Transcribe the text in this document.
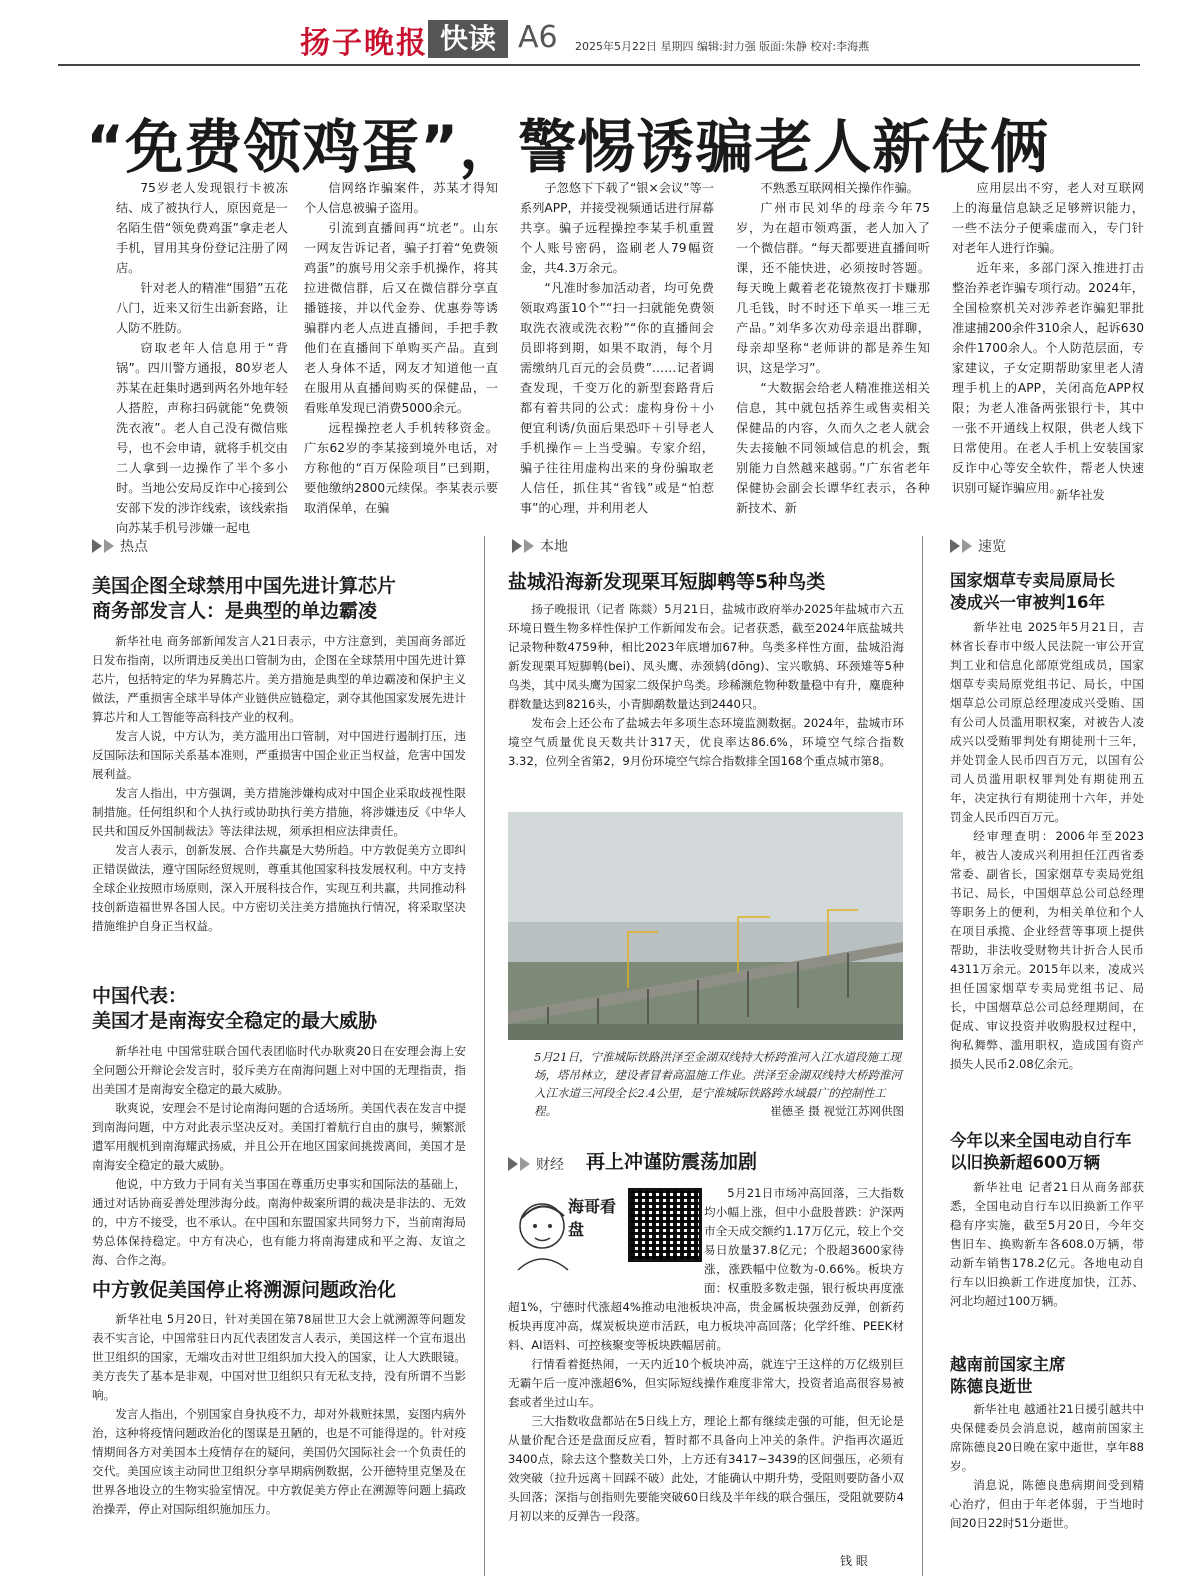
扬子晚报 快读 A6 2025年5月22日 星期四 编辑:封力强 版面:朱静 校对:李海燕
“免费领鸡蛋”，警惕诱骗老人新伎俩

75岁老人发现银行卡被冻结、成了被执行人，原因竟是一名陌生借“领免费鸡蛋”拿走老人手机，冒用其身份登记注册了网店。

针对老人的精准“围猎”五花八门，近来又衍生出新套路，让人防不胜防。

窃取老年人信息用于“背锅”。四川警方通报，80岁老人苏某在赶集时遇到两名外地年轻人搭腔，声称扫码就能“免费领洗衣液”。老人自己没有微信账号，也不会申请，就将手机交由二人拿到一边操作了半个多小时。当地公安局反诈中心接到公安部下发的涉诈线索，该线索指向苏某手机号涉嫌一起电

信网络诈骗案件，苏某才得知个人信息被骗子盗用。

引流到直播间再“坑老”。山东一网友告诉记者，骗子打着“免费领鸡蛋”的旗号用父亲手机操作，将其拉进微信群，后又在微信群分享直播链接，并以代金券、优惠券等诱骗群内老人点进直播间，手把手教他们在直播间下单购买产品。直到老人身体不适，网友才知道他一直在服用从直播间购买的保健品，一看账单发现已消费5000余元。

远程操控老人手机转移资金。广东62岁的李某接到境外电话，对方称他的“百万保险项目”已到期，要他缴纳2800元续保。李某表示要取消保单，在骗

子忽悠下下载了“银×会议”等一系列APP，并接受视频通话进行屏幕共享。骗子远程操控李某手机重置个人账号密码，盗刷老人79幅资金，共4.3万余元。

“凡准时参加活动者，均可免费领取鸡蛋10个”“扫一扫就能免费领取洗衣液或洗衣粉”“你的直播间会员即将到期，如果不取消，每个月需缴纳几百元的会员费”……记者调查发现，千变万化的新型套路背后都有着共同的公式：虚构身份＋小便宜利诱/负面后果恐吓＋引导老人手机操作＝上当受骗。专家介绍，骗子往往用虚构出来的身份骗取老人信任，抓住其“省钱”或是“怕惹事”的心理，并利用老人

不熟悉互联网相关操作作骗。

广州市民刘华的母亲今年75岁，为在超市领鸡蛋，老人加入了一个微信群。“每天都要进直播间听课，还不能快进，必须按时答题。每天晚上戴着老花镜熬夜打卡赚那几毛钱，时不时还下单买一堆三无产品。”刘华多次劝母亲退出群聊，母亲却坚称“老师讲的都是养生知识，这是学习”。

“大数据会给老人精准推送相关信息，其中就包括养生或售卖相关保健品的内容，久而久之老人就会失去接触不同领域信息的机会，甄别能力自然越来越弱。”广东省老年保健协会副会长谭华红表示，各种新技术、新

应用层出不穷，老人对互联网上的海量信息缺乏足够辨识能力，一些不法分子便乘虚而入，专门针对老年人进行诈骗。

近年来，多部门深入推进打击整治养老诈骗专项行动。2024年，全国检察机关对涉养老诈骗犯罪批准逮捕200余件310余人，起诉630余件1700余人。个人防范层面，专家建议，子女定期帮助家里老人清理手机上的APP，关闭高危APP权限；为老人准备两张银行卡，其中一张不开通线上权限，供老人线下日常使用。在老人手机上安装国家反诈中心等安全软件，帮老人快速识别可疑诈骗应用。

新华社发
热点	本地	速览
美国企图全球禁用中国先进计算芯片
商务部发言人：是典型的单边霸凌

新华社电 商务部新闻发言人21日表示，中方注意到，美国商务部近日发布指南，以所谓违反美出口管制为由，企图在全球禁用中国先进计算芯片，包括特定的华为昇腾芯片。美方措施是典型的单边霸凌和保护主义做法，严重损害全球半导体产业链供应链稳定，剥夺其他国家发展先进计算芯片和人工智能等高科技产业的权利。

发言人说，中方认为，美方滥用出口管制，对中国进行遏制打压，违反国际法和国际关系基本准则，严重损害中国企业正当权益，危害中国发展利益。

发言人指出，中方强调，美方措施涉嫌构成对中国企业采取歧视性限制措施。任何组织和个人执行或协助执行美方措施，将涉嫌违反《中华人民共和国反外国制裁法》等法律法规，须承担相应法律责任。

发言人表示，创新发展、合作共赢是大势所趋。中方敦促美方立即纠正错误做法，遵守国际经贸规则，尊重其他国家科技发展权利。中方支持全球企业按照市场原则，深入开展科技合作，实现互利共赢，共同推动科技创新造福世界各国人民。中方密切关注美方措施执行情况，将采取坚决措施维护自身正当权益。

中国代表：
美国才是南海安全稳定的最大威胁

新华社电 中国常驻联合国代表团临时代办耿爽20日在安理会海上安全问题公开辩论会发言时，驳斥美方在南海问题上对中国的无理指责，指出美国才是南海安全稳定的最大威胁。

耿爽说，安理会不是讨论南海问题的合适场所。美国代表在发言中提到南海问题，中方对此表示坚决反对。美国打着航行自由的旗号，频繁派遣军用舰机到南海耀武扬威，并且公开在地区国家间挑拨离间，美国才是南海安全稳定的最大威胁。

他说，中方致力于同有关当事国在尊重历史事实和国际法的基础上，通过对话协商妥善处理涉海分歧。南海仲裁案所谓的裁决是非法的、无效的，中方不接受，也不承认。在中国和东盟国家共同努力下，当前南海局势总体保持稳定。中方有决心，也有能力将南海建成和平之海、友谊之海、合作之海。

中方敦促美国停止将溯源问题政治化

新华社电 5月20日，针对美国在第78届世卫大会上就溯源等问题发表不实言论，中国常驻日内瓦代表团发言人表示，美国这样一个宣布退出世卫组织的国家，无端攻击对世卫组织加大投入的国家，让人大跌眼镜。美方丧失了基本是非观，中国对世卫组织只有无私支持，没有所谓不当影响。

发言人指出，个别国家自身执疫不力，却对外栽赃抹黑，妄图内病外治，这种将疫情问题政治化的图谋是丑陋的，也是不可能得逞的。针对疫情期间各方对美国本土疫情存在的疑问，美国仍欠国际社会一个负责任的交代。美国应该主动同世卫组织分享早期病例数据，公开德特里克堡及在世界各地设立的生物实验室情况。中方敦促美方停止在溯源等问题上搞政治操弄，停止对国际组织施加压力。

盐城沿海新发现栗耳短脚鹎等5种鸟类

扬子晚报讯（记者 陈燚）5月21日，盐城市政府举办2025年盐城市六五环境日暨生物多样性保护工作新闻发布会。记者获悉，截至2024年底盐城共记录物种数4759种，相比2023年底增加67种。鸟类多样性方面，盐城沿海新发现栗耳短脚鹎(bei)、凤头鹰、赤颈鸫(dōng)、宝兴歌鸫、环颈雉等5种鸟类，其中凤头鹰为国家二级保护鸟类。珍稀濒危物种数量稳中有升，麋鹿种群数量达到8216头，小青脚鹬数量达到2440只。

发布会上还公布了盐城去年多项生态环境监测数据。2024年，盐城市环境空气质量优良天数共计317天，优良率达86.6%，环境空气综合指数3.32，位列全省第2，9月份环境空气综合指数排全国168个重点城市第8。

5月21日，宁淮城际铁路洪泽至金湖双线特大桥跨淮河入江水道段施工现场，塔吊林立，建设者冒着高温施工作业。洪泽至金湖双线特大桥跨淮河入江水道三河段全长2.4公里，是宁淮城际铁路跨水域最广的控制性工程。	崔德圣 摄 视觉江苏网供图
财经 再上冲谨防震荡加剧
海哥看盘

5月21日市场冲高回落，三大指数均小幅上涨，但中小盘股普跌：沪深两市全天成交额约1.17万亿元，较上个交易日放量37.8亿元；个股超3600家待涨，涨跌幅中位数为-0.66%。板块方面：权重股多数走强，银行板块再度涨超1%，宁德时代涨超4%推动电池板块冲高，贵金属板块强劲反弹，创新药板块再度冲高，煤炭板块逆市活跃，电力板块冲高回落；化学纤维、PEEK材料、AI语料、可控核聚变等板块跌幅居前。

行情看着挺热闹，一天内近10个板块冲高，就连宁王这样的万亿级别巨无霸午后一度冲涨超6%，但实际短线操作难度非常大，投资者追高很容易被套或者坐过山车。

三大指数收盘都站在5日线上方，理论上都有继续走强的可能，但无论是从量价配合还是盘面反应看，暂时都不具备向上冲关的条件。沪指再次逼近3400点，除去这个整数关口外，上方还有3417~3439的区间强压，必须有效突破（拉升远离＋回踩不破）此处，才能确认中期升势，受阻则要防备小双头回落；深指与创指则先要能突破60日线及半年线的联合强压，受阻就要防4月初以来的反弹告一段落。

钱 眼
国家烟草专卖局原局长
凌成兴一审被判16年

新华社电 2025年5月21日，吉林省长春市中级人民法院一审公开宣判工业和信息化部原党组成员，国家烟草专卖局原党组书记、局长，中国烟草总公司原总经理凌成兴受贿、国有公司人员滥用职权案，对被告人凌成兴以受贿罪判处有期徒刑十三年，并处罚金人民币四百万元，以国有公司人员滥用职权罪判处有期徒刑五年，决定执行有期徒刑十六年，并处罚金人民币四百万元。

经审理查明：2006年至2023年，被告人凌成兴利用担任江西省委常委、副省长，国家烟草专卖局党组书记、局长，中国烟草总公司总经理等职务上的便利，为相关单位和个人在项目承揽、企业经营等事项上提供帮助，非法收受财物共计折合人民币4311万余元。2015年以来，凌成兴担任国家烟草专卖局党组书记、局长，中国烟草总公司总经理期间，在促成、审议投资并收购股权过程中，徇私舞弊、滥用职权，造成国有资产损失人民币2.08亿余元。

今年以来全国电动自行车
以旧换新超600万辆

新华社电 记者21日从商务部获悉，全国电动自行车以旧换新工作平稳有序实施，截至5月20日，今年交售旧车、换购新车各608.0万辆，带动新车销售178.2亿元。各地电动自行车以旧换新工作进度加快，江苏、河北均超过100万辆。

越南前国家主席
陈德良逝世

新华社电 越通社21日援引越共中央保健委员会消息说，越南前国家主席陈德良20日晚在家中逝世，享年88岁。

消息说，陈德良患病期间受到精心治疗，但由于年老体弱，于当地时间20日22时51分逝世。
